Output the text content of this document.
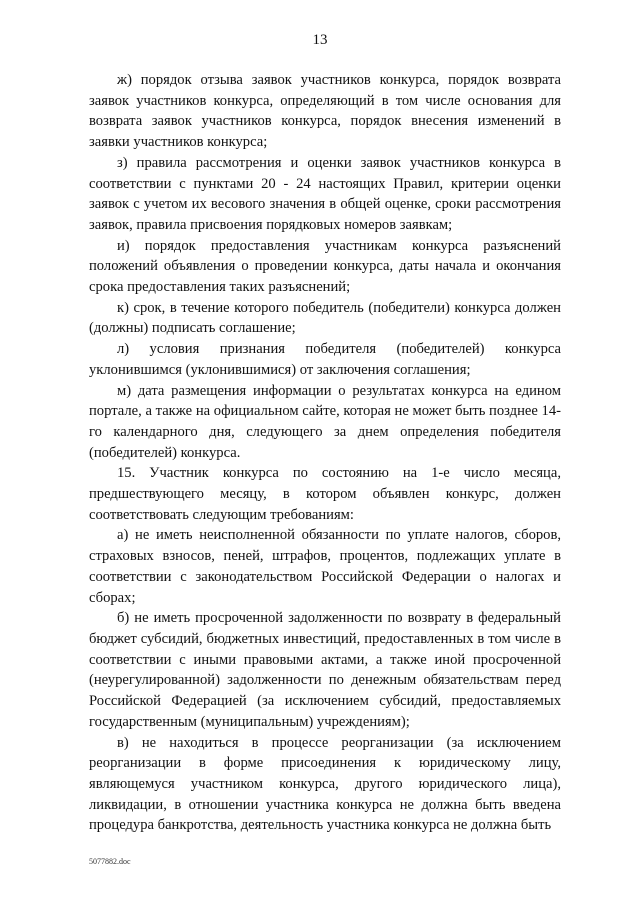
13

ж) порядок отзыва заявок участников конкурса, порядок возврата заявок участников конкурса, определяющий в том числе основания для возврата заявок участников конкурса, порядок внесения изменений в заявки участников конкурса;

з) правила рассмотрения и оценки заявок участников конкурса в соответствии с пунктами 20 - 24 настоящих Правил, критерии оценки заявок с учетом их весового значения в общей оценке, сроки рассмотрения заявок, правила присвоения порядковых номеров заявкам;

и) порядок предоставления участникам конкурса разъяснений положений объявления о проведении конкурса, даты начала и окончания срока предоставления таких разъяснений;

к) срок, в течение которого победитель (победители) конкурса должен (должны) подписать соглашение;

л) условия признания победителя (победителей) конкурса уклонившимся (уклонившимися) от заключения соглашения;

м) дата размещения информации о результатах конкурса на едином портале, а также на официальном сайте, которая не может быть позднее 14-го календарного дня, следующего за днем определения победителя (победителей) конкурса.

15. Участник конкурса по состоянию на 1-е число месяца, предшествующего месяцу, в котором объявлен конкурс, должен соответствовать следующим требованиям:

а) не иметь неисполненной обязанности по уплате налогов, сборов, страховых взносов, пеней, штрафов, процентов, подлежащих уплате в соответствии с законодательством Российской Федерации о налогах и сборах;

б) не иметь просроченной задолженности по возврату в федеральный бюджет субсидий, бюджетных инвестиций, предоставленных в том числе в соответствии с иными правовыми актами, а также иной просроченной (неурегулированной) задолженности по денежным обязательствам перед Российской Федерацией (за исключением субсидий, предоставляемых государственным (муниципальным) учреждениям);

в) не находиться в процессе реорганизации (за исключением реорганизации в форме присоединения к юридическому лицу, являющемуся участником конкурса, другого юридического лица), ликвидации, в отношении участника конкурса не должна быть введена процедура банкротства, деятельность участника конкурса не должна быть

5077882.doc
